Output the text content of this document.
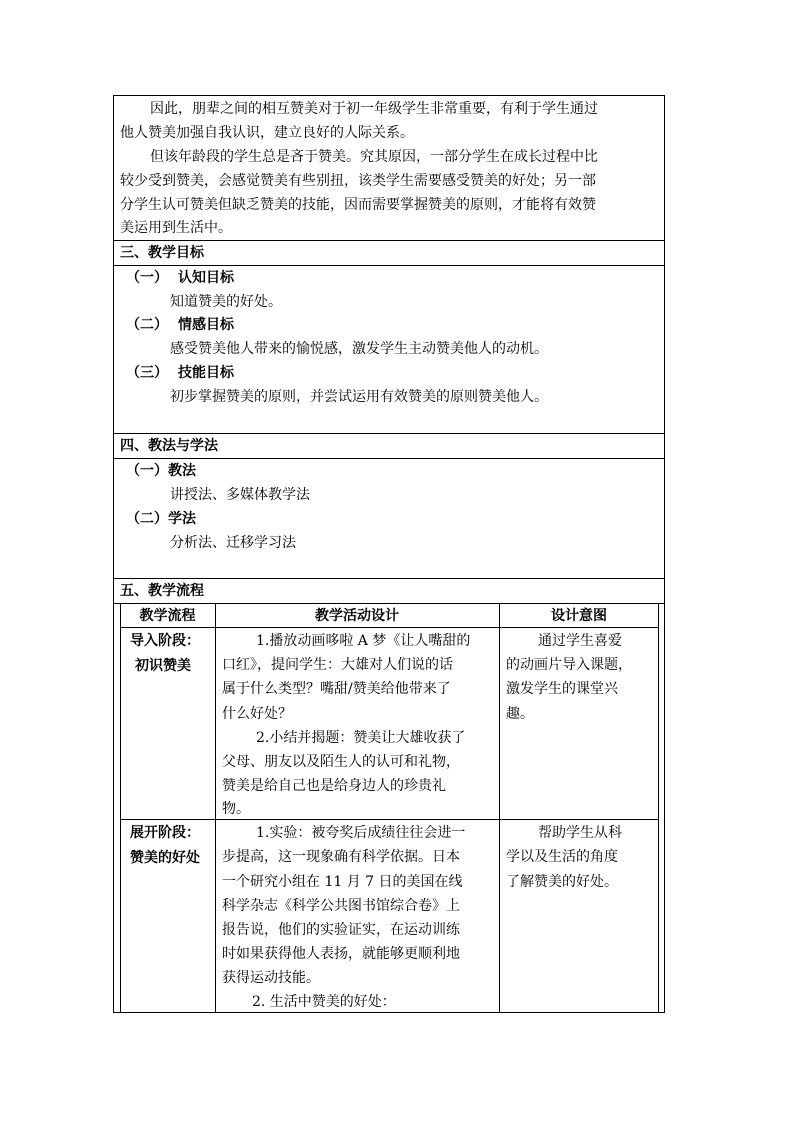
因此，朋辈之间的相互赞美对于初一年级学生非常重要，有利于学生通过
他人赞美加强自我认识，建立良好的人际关系。
但该年龄段的学生总是吝于赞美。究其原因，一部分学生在成长过程中比
较少受到赞美，会感觉赞美有些别扭，该类学生需要感受赞美的好处；另一部
分学生认可赞美但缺乏赞美的技能，因而需要掌握赞美的原则，才能将有效赞
美运用到生活中。
三、教学目标
（一） 认知目标
知道赞美的好处。
（二） 情感目标
感受赞美他人带来的愉悦感，激发学生主动赞美他人的动机。
（三） 技能目标
初步掌握赞美的原则，并尝试运用有效赞美的原则赞美他人。
四、教法与学法
（一）教法
讲授法、多媒体教学法
（二）学法
分析法、迁移学习法
五、教学流程
教学流程	教学活动设计	设计意图
导入阶段：
初识赞美
1.播放动画哆啦 A 梦《让人嘴甜的
口红》，提问学生：大雄对人们说的话
属于什么类型？嘴甜/赞美给他带来了
什么好处？
2.小结并揭题：赞美让大雄收获了
父母、朋友以及陌生人的认可和礼物，
赞美是给自己也是给身边人的珍贵礼
物。
通过学生喜爱
的动画片导入课题，
激发学生的课堂兴
趣。
展开阶段：
赞美的好处
1.实验：被夸奖后成绩往往会进一
步提高，这一现象确有科学依据。日本
一个研究小组在 11 月 7 日的美国在线
科学杂志《科学公共图书馆综合卷》上
报告说，他们的实验证实，在运动训练
时如果获得他人表扬，就能够更顺利地
获得运动技能。
2. 生活中赞美的好处：
帮助学生从科
学以及生活的角度
了解赞美的好处。
